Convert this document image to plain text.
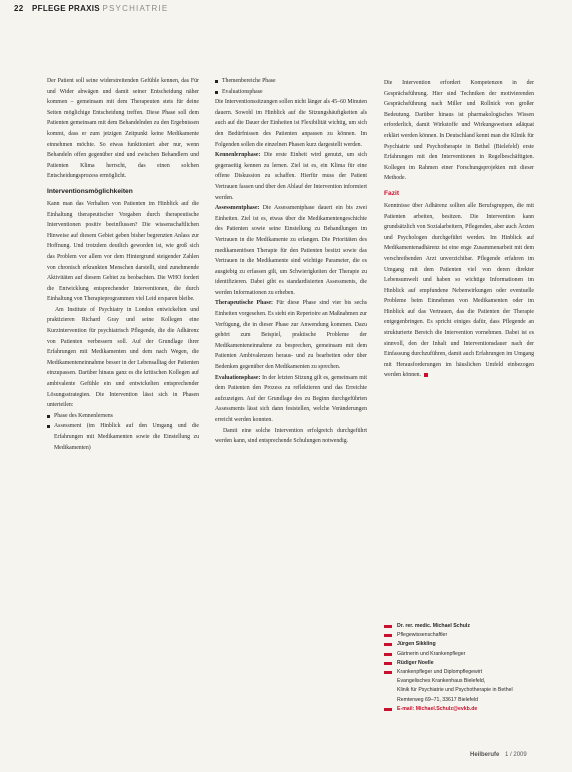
22 PFLEGE PRAXIS PSYCHIATRIE

Der Patient soll seine widerstreitenden Gefühle kennen, das Für und Wider abwägen und damit seiner Entscheidung näher kommen – gemeinsam mit dem Therapeuten stets für deine Seiten möglichige Entscheidung treffen. Diese Phase soll dem Patienten gemeinsam mit dem Behandelnden zu den Ergebnissen kommt, dass er zum jetzigen Zeitpunkt keine Medikamente einnehmen möchte. So etwas funktioniert aber nur, wenn Behandeln offen gegenüber sind und zwischen Behandlern und Patienten Klima herrscht, das einen solchen Entscheidungsprozess ermöglicht.

Interventionsmöglichkeiten

Kann man das Verhalten von Patienten im Hinblick auf die Einhaltung therapeutischer Vorgaben durch therapeutische Interventionen positiv beeinflussen? Die wissenschaftlichen Hinweise auf diesem Gebiet geben bisher begrenzten Anlass zur Hoffnung. Und trotzdem deutlich geworden ist, wie groß sich das Problem vor allem vor dem Hintergrund steigender Zahlen von chronisch erkrankten Menschen darstellt, sind zunehmende Aktivitäten auf diesem Gebiet zu beobachten. Die WHO fordert die Entwicklung entsprechender Interventionen, die durch Einhaltung von Therapieprogrammen viel Leid ersparen bleibe.

Am Institute of Psychiatry in London entwickelten und praktizieren Richard Gray und seine Kollegen eine Kurzintervention für psychiatrisch Pflegende, die die Adhärenz von Patienten verbessern soll. Auf der Grundlage ihrer Erfahrungen mit Medikamenten und dem nach Wegen, die Medikamenteneinnahme besser in der Lebensalltag der Patienten einzupassen. Darüber hinaus ganz es die kritischen Kollegen auf ambivalente Gefühle ein und entwickelten entsprechender Lösungsstrategien. Die Intervention lässt sich in Phasen unterteilen:

Phase des Kennenlernens
Assessment (im Hinblick auf den Umgang und die Erfahrungen mit Medikamenten sowie die Einstellung zu Medikamenten)
Themenbereiche Phase
Evaluationsphase

Die Interventionssitzungen sollen nicht länger als 45–60 Minuten dauern. Sowohl im Hinblick auf die Sitzungshäufigkeiten als auch auf die Dauer der Einheiten ist Flexibilität wichtig, um sich den Bedürfnissen des Patienten anpassen zu können. Im Folgenden sollen die einzelnen Phasen kurz dargestellt werden.

Kennenlernphase: Die erste Einheit wird genutzt, um sich gegenseitig kennen zu lernen. Ziel ist es, ein Klima für eine offene Diskussion zu schaffen. Hierfür muss der Patient Vertrauen fassen und über den Ablauf der Intervention informiert werden.

Assessmentphase: Die Assessmentphase dauert ein bis zwei Einheiten. Ziel ist es, etwas über die Medikamentengeschichte des Patienten sowie seine Einstellung zu Behandlungen im Vertrauen in die Medikamente zu erlangen. Die Prioritäten des medikamentösen Therapie für den Patienten besitzt sowie das Vertrauen in die Medikamente sind wichtige Parameter, die es ausgiebig zu erfassen gilt, um Schwierigkeiten der Therapie zu identifizieren. Dabei gibt es standardisierten Assessments, die werden Informationen zu erheben.

Therapeutische Phase: Für diese Phase sind vier bis sechs Einheiten vorgesehen. Es steht ein Repertoire an Maßnahmen zur Verfügung, die in dieser Phase zur Anwendung kommen. Dazu gehört zum Beispiel, praktische Probleme der Medikamenteneinnahme zu besprechen, gemeinsam mit dem Patienten Ambivalenzen heraus- und zu bearbeiten oder über Bedenken gegenüber den Medikamenten zu sprechen.

Evaluationsphase: In der letzten Sitzung gilt es, gemeinsam mit dem Patienten den Prozess zu reflektieren und das Erreichte aufzuzeigen. Auf der Grundlage des zu Beginn durchgeführten Assessments lässt sich dann feststellen, welche Veränderungen erreicht werden konnten.

Damit eine solche Intervention erfolgreich durchgeführt werden kann, sind entsprechende Schulungen notwendig.

Die Intervention erfordert Kompetenzen in der Gesprächsführung. Hier sind Techniken der motivierenden Gesprächsführung nach Miller und Rollnick von großer Bedeutung. Darüber hinaus ist pharmakologisches Wissen erforderlich, damit Wirkstoffe und Wirkungsweisen adäquat erklärt werden können. In Deutschland kennt man die Klinik für Psychiatrie und Psychotherapie in Bethel (Bielefeld) erste Erfahrungen mit den Interventionen in Regelbeschäftigten. Kollegen im Rahmen einer Forschungsprojekten mit dieser Methode.

Fazit

Kenntnisse über Adhärenz sollten alle Berufsgruppen, die mit Patienten arbeiten, besitzen. Die Intervention kann grundsätzlich von Sozialarbeitern, Pflegenden, aber auch Ärzten und Psychologen durchgeführt werden. Im Hinblick auf Medikamentenadhärenz ist eine enge Zusammenarbeit mit dem verschreibenden Arzt unverzichtbar. Pflegende erfahren im Umgang mit dem Patienten viel von deren direkter Lebensumwelt und haben so wichtige Informationen im Hinblick auf empfundene Nebenwirkungen oder eventuelle Probleme beim Einnehmen von Medikamenten oder im Hinblick auf das Vertrauen, das die Patienten der Therapie entgegenbringen. Es spricht einiges dafür, dass Pflegende an strukturierte Bereich die Intervention vornehmen. Dabei ist es sinnvoll, den der Inhalt und Interventionsdauer nach der Einfassung durchzuführen, damit auch Erfahrungen im Umgang mit Herausforderungen im häuslichen Umfeld einbezogen werden können.

Dr. rer. medic. Michael Schulz
Pflegewissenschaftler
Jürgen Sikkling
Gärtnerin und Krankenpfleger
Rüdiger Noelle
Krankenpfleger und Diplompflegewirt
Evangelisches Krankenhaus Bielefeld,
Klinik für Psychiatrie und Psychotherapie in Bethel
Remterweg 69–71, 33617 Bielefeld
E-mail: Michael.Schulz@evkb.de
Heilberufe 1 / 2009
